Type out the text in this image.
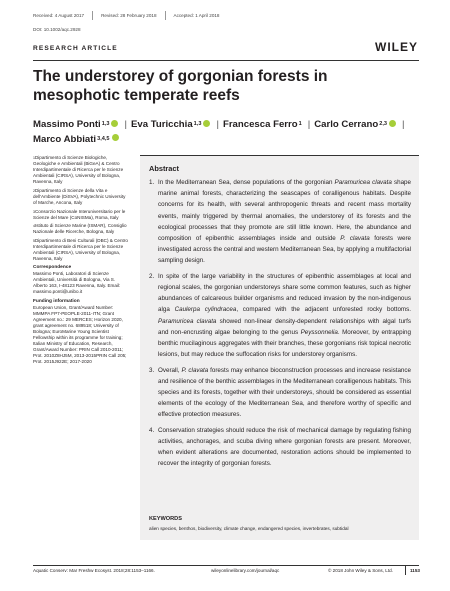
Received: 4 August 2017	Revised: 28 February 2018	Accepted: 1 April 2018
DOI: 10.1002/aqc.2928
RESEARCH ARTICLE	WILEY
The understorey of gorgonian forests in mesophotic temperate reefs
Massimo Ponti$^{1,3}$ | Eva Turicchia$^{1,3}$ | Francesca Ferro$^1$ | Carlo Cerrano$^{2,3}$ |
Marco Abbiati$^{3,4,5}$
$^1$Dipartimento di Scienze Biologiche, Geologiche e Ambientali (BiGeA) & Centro Interdipartimentale di Ricerca per le Scienze Ambientali (CIRSA), University of Bologna, Ravenna, Italy
$^2$Dipartimento di Scienze della Vita e dell'Ambiente (DiSVA), Polytechnic University of Marche, Ancona, Italy
$^3$Consorzio Nazionale Interuniversitario per le Scienze del Mare (CoNISMa), Roma, Italy
$^4$Istituto di Scienze Marine (ISMAR), Consiglio Nazionale delle Ricerche, Bologna, Italy
$^5$Dipartimento di Beni Culturali (DBC) & Centro Interdipartimentale di Ricerca per le Scienze Ambientali (CIRSA), University of Bologna, Ravenna, Italy
Correspondence

Massimo Ponti, Laboratori di Scienze Ambientali, Università di Bologna, Via S. Alberto 163, I-48123 Ravenna, Italy. Email: massimo.ponti@unibo.it

Funding information

European Union, Grant/Award Number: MMMPA FP7-PEOPLE-2011-ITN; Grant Agreement no.: 29 MERCES; Horizon 2020, grant agreement no. 689518; University of Bologna; EuroMarine Young Scientist Fellowship within its programme for training; Italian Ministry of Education, Research, Grant/Award Number: PRIN Call 2010-2011; Prot. 2010Z8HJ5M, 2013-2015PRIN Call 205; Prot. 2015J922E; 2017-2020

Abstract
1. In the Mediterranean Sea, dense populations of the gorgonian Paramuricea clavata shape marine animal forests, characterizing the seascapes of coralligenous habitats. Despite concerns for its health, with several anthropogenic threats and recent mass mortality events, mainly triggered by thermal anomalies, the understorey of its forests and the ecological processes that they promote are still little known. Here, the abundance and composition of epibenthic assemblages inside and outside P. clavata forests were investigated across the central and western Mediterranean Sea, by applying a multifactorial sampling design.
2. In spite of the large variability in the structures of epibenthic assemblages at local and regional scales, the gorgonian understoreys share some common features, such as higher abundances of calcareous builder organisms and reduced invasion by the non-indigenous alga Caulerpa cylindracea, compared with the adjacent unforested rocky bottoms. Paramuricea clavata showed non-linear density-dependent relationships with algal turfs and non-encrusting algae belonging to the genus Peyssonnelia. Moreover, by entrapping benthic mucilaginous aggregates with their branches, these gorgonians risk topical necrotic lesions, but may reduce the suffocation risks for understorey organisms.
3. Overall, P. clavata forests may enhance bioconstruction processes and increase resistance and resilience of the benthic assemblages in the Mediterranean coralligenous habitats. This species and its forests, together with their understoreys, should be considered as essential elements of the ecology of the Mediterranean Sea, and therefore worthy of specific and effective protection measures.
4. Conservation strategies should reduce the risk of mechanical damage by regulating fishing activities, anchorages, and scuba diving where gorgonian forests are present. Moreover, when evident alterations are documented, restoration actions should be implemented to recover the integrity of gorgonian forests.
KEYWORDS
alien species, benthos, biodiversity, climate change, endangered species, invertebrates, subtidal
Aquatic Conserv: Mar Freshw Ecosyst. 2018;28:1153–1166.	wileyonlinelibrary.com/journal/aqc	© 2018 John Wiley & Sons, Ltd.	1153
